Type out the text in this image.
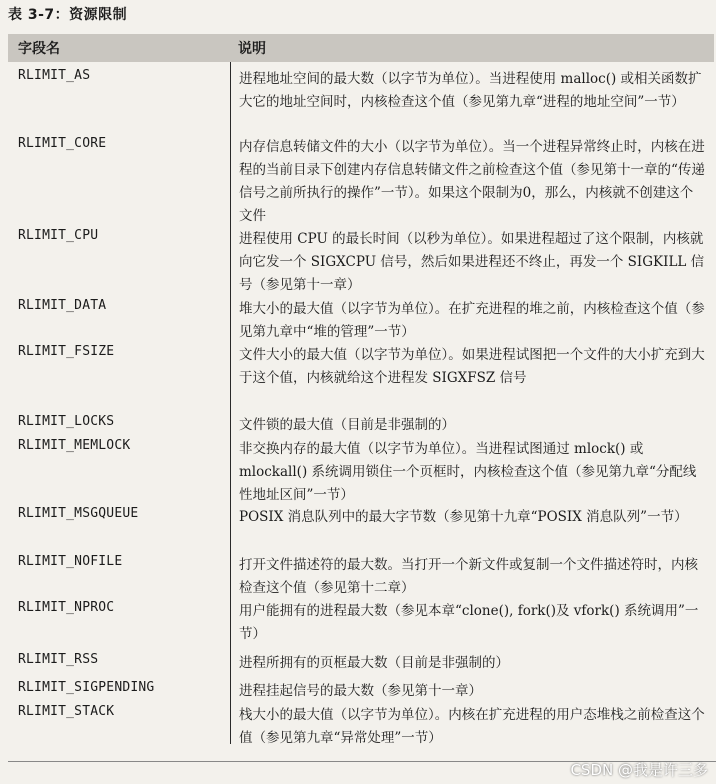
表 3-7：资源限制
字段名	说明
RLIMIT_AS	进程地址空间的最大数（以字节为单位）。当进程使用 malloc() 或相关函数扩大它的地址空间时，内核检查这个值（参见第九章“进程的地址空间”一节）
RLIMIT_CORE	内存信息转储文件的大小（以字节为单位）。当一个进程异常终止时，内核在进程的当前目录下创建内存信息转储文件之前检查这个值（参见第十一章的“传递信号之前所执行的操作”一节）。如果这个限制为0，那么，内核就不创建这个文件
RLIMIT_CPU	进程使用 CPU 的最长时间（以秒为单位）。如果进程超过了这个限制，内核就向它发一个 SIGXCPU 信号，然后如果进程还不终止，再发一个 SIGKILL 信号（参见第十一章）
RLIMIT_DATA	堆大小的最大值（以字节为单位）。在扩充进程的堆之前，内核检查这个值（参见第九章中“堆的管理”一节）
RLIMIT_FSIZE	文件大小的最大值（以字节为单位）。如果进程试图把一个文件的大小扩充到大于这个值，内核就给这个进程发 SIGXFSZ 信号
RLIMIT_LOCKS	文件锁的最大值（目前是非强制的）
RLIMIT_MEMLOCK	非交换内存的最大值（以字节为单位）。当进程试图通过 mlock() 或 mlockall() 系统调用锁住一个页框时，内核检查这个值（参见第九章“分配线性地址区间”一节）
RLIMIT_MSGQUEUE	POSIX 消息队列中的最大字节数（参见第十九章“POSIX 消息队列”一节）
RLIMIT_NOFILE	打开文件描述符的最大数。当打开一个新文件或复制一个文件描述符时，内核检查这个值（参见第十二章）
RLIMIT_NPROC	用户能拥有的进程最大数（参见本章“clone(), fork()及 vfork() 系统调用”一节）
RLIMIT_RSS	进程所拥有的页框最大数（目前是非强制的）
RLIMIT_SIGPENDING	进程挂起信号的最大数（参见第十一章）
RLIMIT_STACK	栈大小的最大值（以字节为单位）。内核在扩充进程的用户态堆栈之前检查这个值（参见第九章“异常处理”一节）
CSDN @我是许三多
